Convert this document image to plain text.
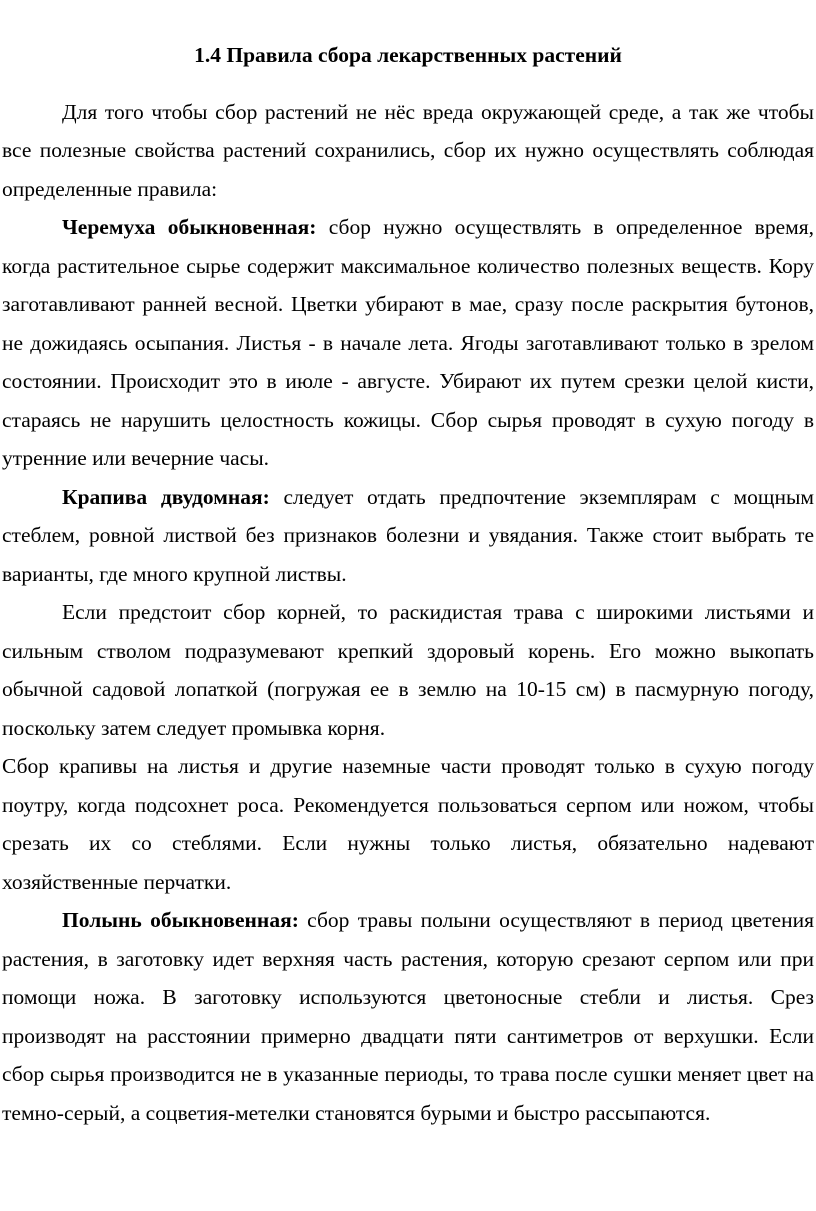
1.4 Правила сбора лекарственных растений

Для того чтобы сбор растений не нёс вреда окружающей среде, а так же чтобы все полезные свойства растений сохранились, сбор их нужно осуществлять соблюдая определенные правила:

Черемуха обыкновенная: сбор нужно осуществлять в определенное время, когда растительное сырье содержит максимальное количество полезных веществ. Кору заготавливают ранней весной. Цветки убирают в мае, сразу после раскрытия бутонов, не дожидаясь осыпания. Листья - в начале лета. Ягоды заготавливают только в зрелом состоянии. Происходит это в июле - августе. Убирают их путем срезки целой кисти, стараясь не нарушить целостность кожицы. Сбор сырья проводят в сухую погоду в утренние или вечерние часы.

Крапива двудомная: следует отдать предпочтение экземплярам с мощным стеблем, ровной листвой без признаков болезни и увядания. Также стоит выбрать те варианты, где много крупной листвы.

Если предстоит сбор корней, то раскидистая трава с широкими листьями и сильным стволом подразумевают крепкий здоровый корень. Его можно выкопать обычной садовой лопаткой (погружая ее в землю на 10-15 см) в пасмурную погоду, поскольку затем следует промывка корня.

Сбор крапивы на листья и другие наземные части проводят только в сухую погоду поутру, когда подсохнет роса. Рекомендуется пользоваться серпом или ножом, чтобы срезать их со стеблями. Если нужны только листья, обязательно надевают хозяйственные перчатки.

Полынь обыкновенная: сбор травы полыни осуществляют в период цветения растения, в заготовку идет верхняя часть растения, которую срезают серпом или при помощи ножа. В заготовку используются цветоносные стебли и листья. Срез производят на расстоянии примерно двадцати пяти сантиметров от верхушки. Если сбор сырья производится не в указанные периоды, то трава после сушки меняет цвет на темно-серый, а соцветия-метелки становятся бурыми и быстро рассыпаются.
